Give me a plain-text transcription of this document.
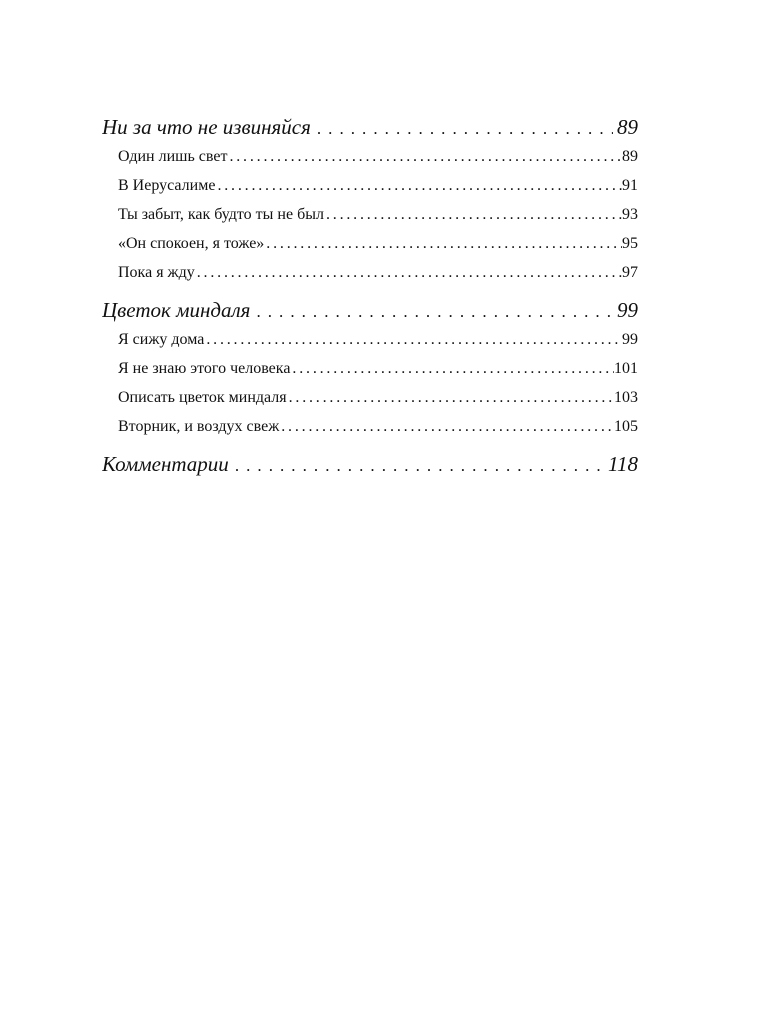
Ни за что не извиняйся . . .	89
Один лишь свет . . .	89
В Иерусалиме . . .	91
Ты забыт, как будто ты не был . . .	93
«Он спокоен, я тоже» . . .	95
Пока я жду . . .	97
Цветок миндаля . . .	99
Я сижу дома . . .	99
Я не знаю этого человека . . .	101
Описать цветок миндаля . . .	103
Вторник, и воздух свеж . . .	105
Комментарии . . .	118
